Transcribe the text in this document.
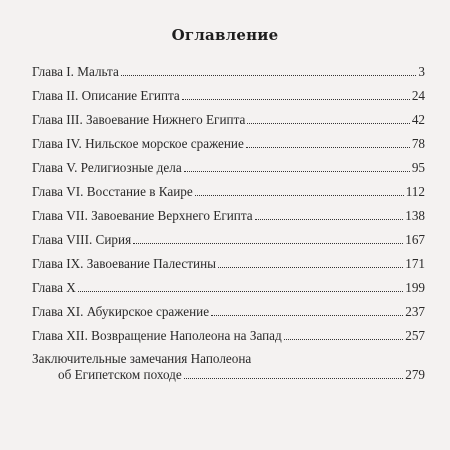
Оглавление
Глава I. Мальта	3
Глава II. Описание Египта	24
Глава III. Завоевание Нижнего Египта	42
Глава IV. Нильское морское сражение	78
Глава V. Религиозные дела	95
Глава VI. Восстание в Каире	112
Глава VII. Завоевание Верхнего Египта	138
Глава VIII. Сирия	167
Глава IX. Завоевание Палестины	171
Глава X	199
Глава XI. Абукирское сражение	237
Глава XII. Возвращение Наполеона на Запад	257
Заключительные замечания Наполеона
об Египетском походе	279
